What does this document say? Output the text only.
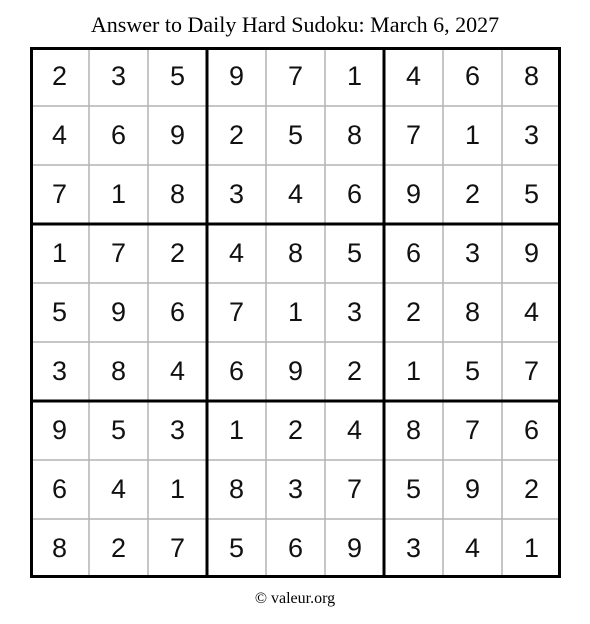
Answer to Daily Hard Sudoku: March 6, 2027
2	3	5	9	7	1	4	6	8
4	6	9	2	5	8	7	1	3
7	1	8	3	4	6	9	2	5
1	7	2	4	8	5	6	3	9
5	9	6	7	1	3	2	8	4
3	8	4	6	9	2	1	5	7
9	5	3	1	2	4	8	7	6
6	4	1	8	3	7	5	9	2
8	2	7	5	6	9	3	4	1
© valeur.org
